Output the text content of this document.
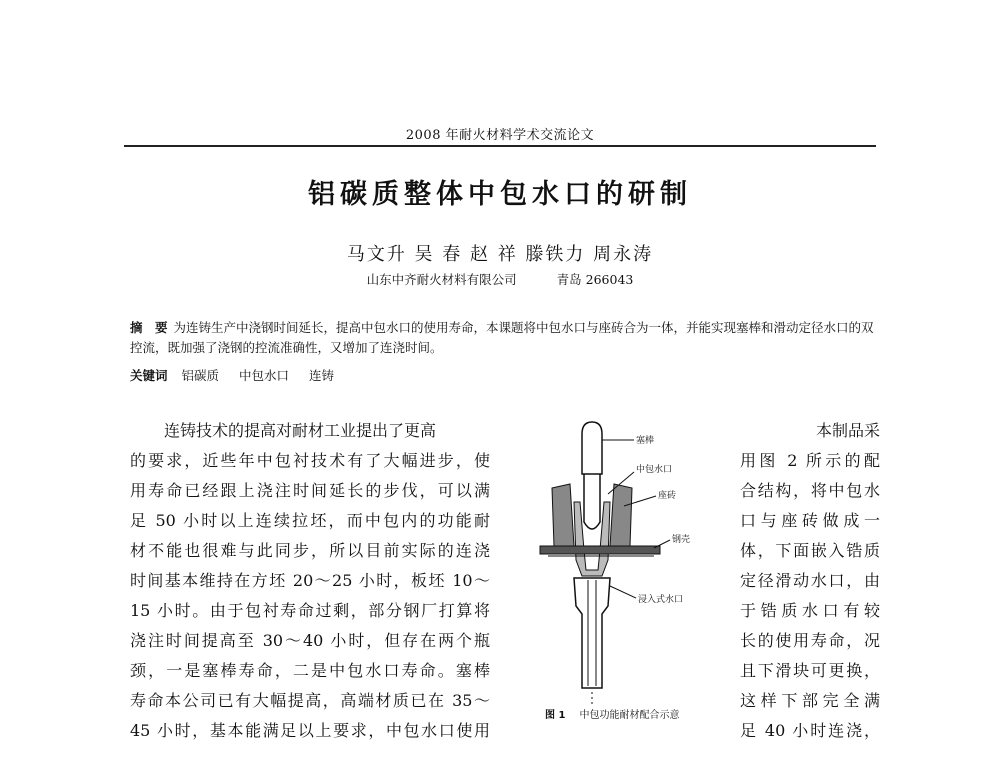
2008 年耐火材料学术交流论文
铝碳质整体中包水口的研制
马文升 吴 春 赵 祥 滕铁力 周永涛
山东中齐耐火材料有限公司	青岛 266043
摘　要 为连铸生产中浇钢时间延长，提高中包水口的使用寿命，本课题将中包水口与座砖合为一体，并能实现塞棒和滑动定径水口的双控流，既加强了浇钢的控流准确性，又增加了连浇时间。
关键词 铝碳质 中包水口 连铸
连铸技术的提高对耐材工业提出了更高
的要求，近些年中包衬技术有了大幅进步，使
用寿命已经跟上浇注时间延长的步伐，可以满
足 50 小时以上连续拉坯，而中包内的功能耐
材不能也很难与此同步，所以目前实际的连浇
时间基本维持在方坯 20～25 小时，板坯 10～
15 小时。由于包衬寿命过剩，部分钢厂打算将
浇注时间提高至 30～40 小时，但存在两个瓶
颈，一是塞棒寿命，二是中包水口寿命。塞棒
寿命本公司已有大幅提高，高端材质已在 35～
45 小时，基本能满足以上要求，中包水口使用
塞棒
中包水口
座砖
钢壳
浸入式水口
图 1 中包功能耐材配合示意
本制品采
用图 2 所示的配
合结构，将中包水
口与座砖做成一
体，下面嵌入锆质
定径滑动水口，由
于锆质水口有较
长的使用寿命，况
且下滑块可更换，
这样下部完全满
足 40 小时连浇，
